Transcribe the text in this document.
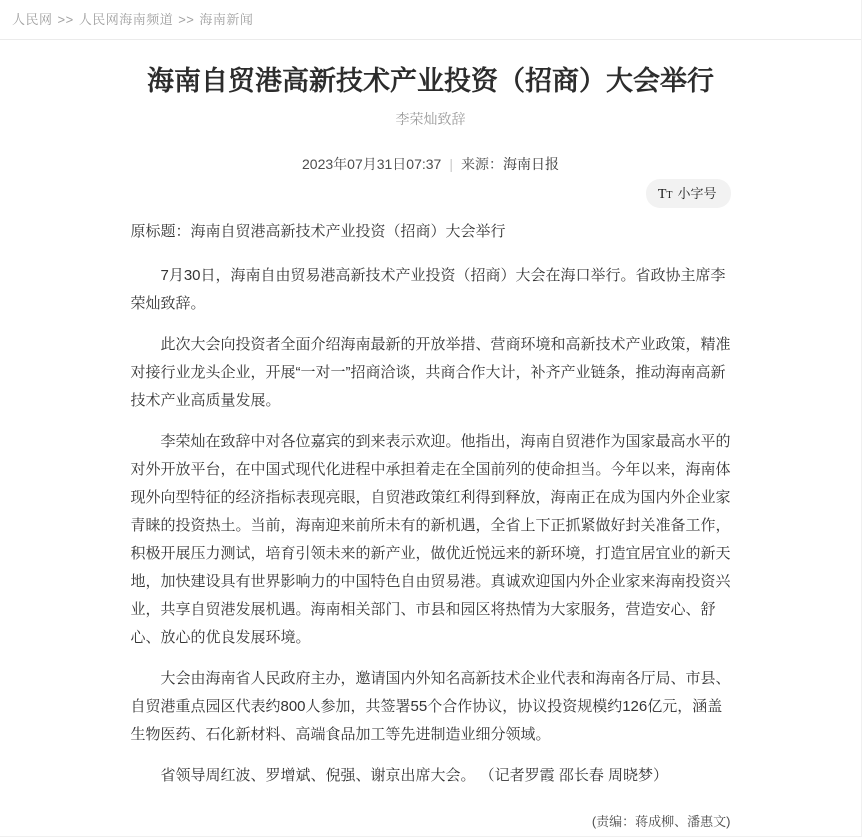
人民网 >> 人民网海南频道 >> 海南新闻
海南自贸港高新技术产业投资（招商）大会举行
李荣灿致辞
2023年07月31日07:37 | 来源：海南日报
TT 小字号

原标题：海南自贸港高新技术产业投资（招商）大会举行

7月30日，海南自由贸易港高新技术产业投资（招商）大会在海口举行。省政协主席李荣灿致辞。

此次大会向投资者全面介绍海南最新的开放举措、营商环境和高新技术产业政策，精准对接行业龙头企业，开展“一对一”招商洽谈，共商合作大计，补齐产业链条，推动海南高新技术产业高质量发展。

李荣灿在致辞中对各位嘉宾的到来表示欢迎。他指出，海南自贸港作为国家最高水平的对外开放平台，在中国式现代化进程中承担着走在全国前列的使命担当。今年以来，海南体现外向型特征的经济指标表现亮眼，自贸港政策红利得到释放，海南正在成为国内外企业家青睐的投资热土。当前，海南迎来前所未有的新机遇，全省上下正抓紧做好封关准备工作，积极开展压力测试，培育引领未来的新产业，做优近悦远来的新环境，打造宜居宜业的新天地，加快建设具有世界影响力的中国特色自由贸易港。真诚欢迎国内外企业家来海南投资兴业，共享自贸港发展机遇。海南相关部门、市县和园区将热情为大家服务，营造安心、舒心、放心的优良发展环境。

大会由海南省人民政府主办，邀请国内外知名高新技术企业代表和海南各厅局、市县、自贸港重点园区代表约800人参加，共签署55个合作协议，协议投资规模约126亿元，涵盖生物医药、石化新材料、高端食品加工等先进制造业细分领域。

省领导周红波、罗增斌、倪强、谢京出席大会。 （记者罗霞 邵长春 周晓梦）

(责编：蒋成柳、潘惠文)
